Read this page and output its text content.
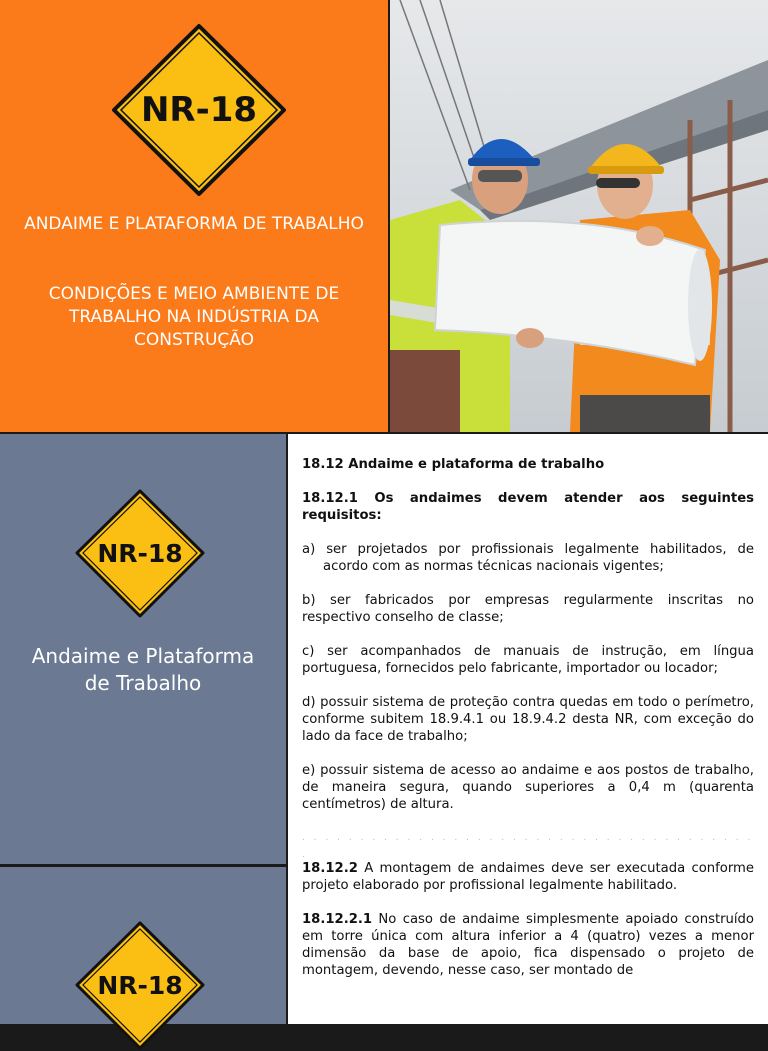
NR-18
ANDAIME E PLATAFORMA DE TRABALHO
CONDIÇÕES E MEIO AMBIENTE DE TRABALHO NA INDÚSTRIA DA CONSTRUÇÃO
NR-18
Andaime e Plataforma de Trabalho
NR-18

18.12 Andaime e plataforma de trabalho

18.12.1 Os andaimes devem atender aos seguintes requisitos:

a) ser projetados por profissionais legalmente habilitados, de acordo com as normas técnicas nacionais vigentes;

b) ser fabricados por empresas regularmente inscritas no respectivo conselho de classe;

c) ser acompanhados de manuais de instrução, em língua portuguesa, fornecidos pelo fabricante, importador ou locador;

d) possuir sistema de proteção contra quedas em todo o perímetro, conforme subitem 18.9.4.1 ou 18.9.4.2 desta NR, com exceção do lado da face de trabalho;

e) possuir sistema de acesso ao andaime e aos postos de trabalho, de maneira segura, quando superiores a 0,4 m (quarenta centímetros) de altura.

. . . . . . . . . . . . . . . . . . . . . . . . . . . . . . . . . . . . . . . .

18.12.2 A montagem de andaimes deve ser executada conforme projeto elaborado por profissional legalmente habilitado.

18.12.2.1 No caso de andaime simplesmente apoiado construído em torre única com altura inferior a 4 (quatro) vezes a menor dimensão da base de apoio, fica dispensado o projeto de montagem, devendo, nesse caso, ser montado de
